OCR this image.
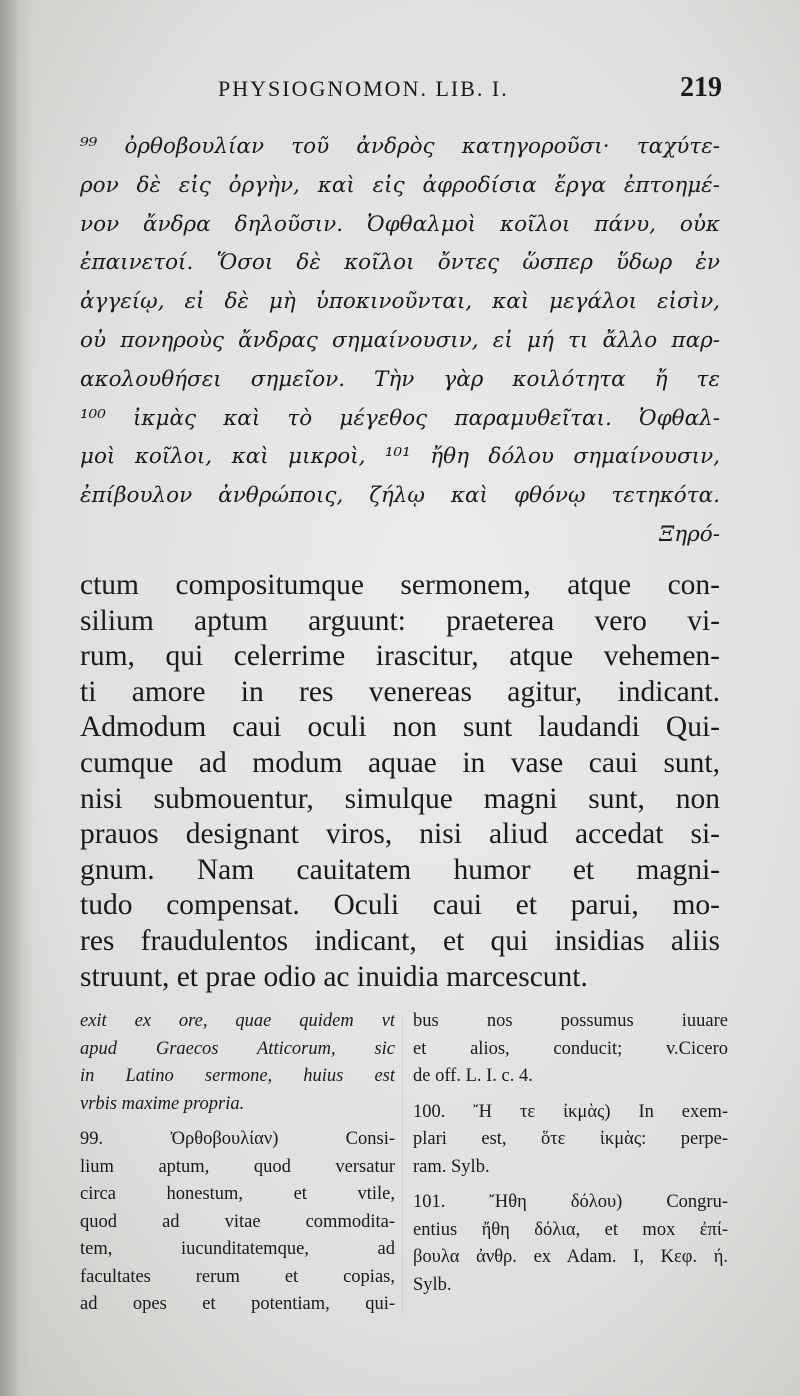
PHYSIOGNOMON. LIB. I.	219
⁹⁹ ὀρθοβουλίαν τοῦ ἀνδρὸς κατηγοροῦσι· ταχύτε-
ρον δὲ εἰς ὀργὴν, καὶ εἰς ἀφροδίσια ἔργα ἐπτοημέ-
νον ἄνδρα δηλοῦσιν. Ὀφθαλμοὶ κοῖλοι πάνυ, οὐκ
ἐπαινετοί. Ὅσοι δὲ κοῖλοι ὄντες ὥσπερ ὕδωρ ἐν
ἀγγείῳ, εἰ δὲ μὴ ὑποκινοῦνται, καὶ μεγάλοι εἰσὶν,
οὐ πονηροὺς ἄνδρας σημαίνουσιν, εἰ μή τι ἄλλο παρ-
ακολουθήσει σημεῖον. Τὴν γὰρ κοιλότητα ἤ τε
¹⁰⁰ ἰκμὰς καὶ τὸ μέγεθος παραμυθεῖται. Ὀφθαλ-
μοὶ κοῖλοι, καὶ μικροὶ, ¹⁰¹ ἤθη δόλου σημαίνουσιν,
ἐπίβουλον ἀνθρώποις, ζήλῳ καὶ φθόνῳ τετηκότα.
Ξηρό-
ctum compositumque sermonem, atque con-
silium aptum arguunt: praeterea vero vi-
rum, qui celerrime irascitur, atque vehemen-
ti amore in res venereas agitur, indicant.
Admodum caui oculi non sunt laudandi Qui-
cumque ad modum aquae in vase caui sunt,
nisi submouentur, simulque magni sunt, non
prauos designant viros, nisi aliud accedat si-
gnum. Nam cauitatem humor et magni-
tudo compensat. Oculi caui et parui, mo-
res fraudulentos indicant, et qui insidias aliis
struunt, et prae odio ac inuidia marcescunt.
exit ex ore, quae quidem vt
apud Graecos Atticorum, sic
in Latino sermone, huius est
vrbis maxime propria.
99. Ὀρθοβουλίαν) Consi-
lium aptum, quod versatur
circa honestum, et vtile,
quod ad vitae commodita-
tem, iucunditatemque, ad
facultates rerum et copias,
ad opes et potentiam, qui-
bus nos possumus iuuare
et alios, conducit; v.Cicero
de off. L. I. c. 4.
100. Ἤ τε ἰκμὰς) In exem-
plari est, ὅτε ἰκμὰς: perpe-
ram. Sylb.
101. Ἤθη δόλου) Congru-
entius ἤθη δόλια, et mox ἐπί-
βουλα ἀνθρ. ex Adam. I, Κεφ. ή.
Sylb.
